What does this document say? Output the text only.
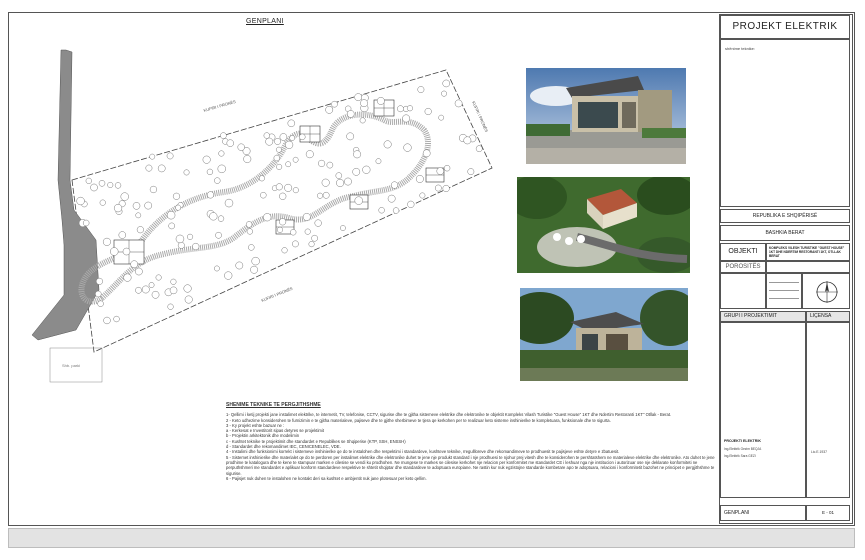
GENPLANI
Shb. parki
KUFIRI I PRONËS
KUFIRI I PRONËS
KUFIRI I PRONËS
SHENIME TEKNIKE TE PERGJITHSHME

1- Qellimi i ketij projekti jane instalimet elektrike, te internetit, TV, telefonise, CCTV, sigurise dhe te gjitha sistemeve elektrike dhe elektronike te objektit Kompleks Vilash Turistike "Guest House" 1KT dhe Ndertim Restoranti 1KT" Otllak - Berat.

2 - Keto udhezime konsiderohen te furnizimin e te gjitha materialeve, pajiseve dhe te gjithe sherbimeve te tjera qe kerkohen per te realizuar keto sisteme inshinierike te kompletuara, funksionale dhe te sigurta.

3 - Ky projekt eshte bazuar ne :

a - Kerkesat e Investitorit sipas detyres se projektimit

b - Projektin arkitektonik dhe modelimin

c - Kushtet teknike te projektimit dhe standardet e Republikes se Shqiperise (KTP, SSH, ENSSH)

d - Standardet dhe rekomandimet IEC, CENICENELEC, VDE.

4 - Instalimi dhe funksionimi korrekt i sistemeve inshinierike qe do te instalohen dhe respektimi i standardeve, kushteve teknike, rregullloreve dhe rekomandimeve te prodhuesit te pajisjeve eshte detyre e zbatuesit.

5 - Sistemet inshinierike dhe materialet qe do te perdoren per instalimet elektrike dhe elektronike duhet te jene nje produkt standard i nje prodhuesi te njohur prej vitesh dhe te konsiderohen te pershtatshem ne materialeve elektrike dhe elektronike. Ato duhet te jene prodhime te katalogura dhe te kene te stampuar marken e cilesise se vendi ku prodhohen. Ne mungese te markes se cilesise kerkohet nje relacion per konformitet me standardet CE i leshuar nga nje institucion i autorizuar ose nje deklarate konformiteti ne perputhshmeri me standardet e aplikuar konform standardeve respektive te shtetit shqiptar dhe standardeve te adoptuara europiane. Ne rastin kur nuk egzistojne standarde kombetare apo te adoptuara, relacioni i konformitetit bazohet ne principet e pergjithshme te sigurise.

6 - Pajisjet nuk duhen te instalohen ne kontakt deri sa kushtet e ambjentit nuk jane plotesuar per keto qellim.

PROJEKT ELEKTRIK
shënime teknike:
REPUBLIKA E SHQIPËRISË
BASHKIA BERAT
OBJEKTI	KOMPLEKS VILESH TURISTIKE "GUEST HOUSE" 1KT DHE NDERTIM RESTORANTI 1KT, OTLLAK BERAT
POROSITËS
GRUPI I PROJEKTIMIT	LIÇENSA
PROJEKTI ELEKTRIK
Ing.Elektrik Gezim BEQJA
Ing.Elektrik Sara GEZI
Lic.E.1937
GENPLANI	E - 01
